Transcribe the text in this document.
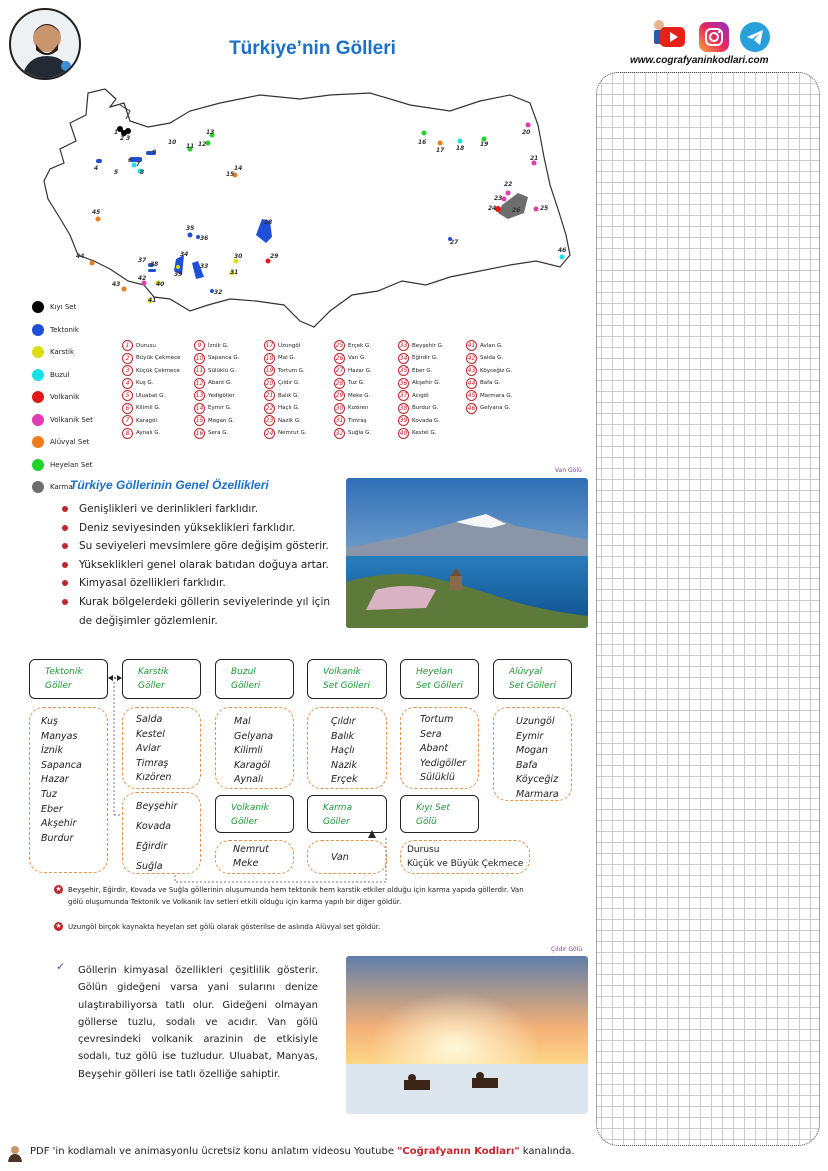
Türkiye’nin Gölleri
www.cografyaninkodlari.com
1
2 3
4
5
6
7
8
9
10
11 12
13
14
15
16
17 18
19
20
21
22
23
24	25
26
27
28
29
30
31
32
33
34
35
36
37
38
39
40
41
42
43
44
45
46
Kıyı Set
Tektonik
Karstik
Buzul
Volkanik
Volkanik Set
Alüvyal Set
Heyelan Set
Karma
1	Durusu
2	Büyük Çekmece
3	Küçük Çekmece
4	Kuş G.
5	Uluabat G.
6	Kilimli G.
7	Karagöl
8	Aynalı G.
9	İznik G.
10 Sapanca G.
11 Sülüklü G.
12 Abant G.
13 Yedigöller
14 Eymir G.
15 Mogan G.
16 Sera G.
17 Uzungöl
18 Mal G.
19 Tortum G.
20 Çıldır G.
21 Balık G.
22 Haçlı G.
23 Nazik G.
24 Nemrut G.
25 Erçek G.
26 Van G.
27 Hazar G.
28 Tuz G.
29 Meke G.
30 Kızören
31 Timraş
32 Suğla G.
33 Beyşehir G.
34 Eğirdir G.
35 Eber G.
36 Akşehir G.
37 Acıgöl
38 Burdur G.
39 Kovada G.
40 Kestel G.
41 Avlan G.
42 Salda G.
43 Köyceğiz G.
44 Bafa G.
45 Marmara G.
46 Gelyana G.
Türkiye Göllerinin Genel Özellikleri
Genişlikleri ve derinlikleri farklıdır.
Deniz seviyesinden yükseklikleri farklıdır.
Su seviyeleri mevsimlere göre değişim gösterir.
Yükseklikleri genel olarak batıdan doğuya artar.
Kimyasal özellikleri farklıdır.
Kurak bölgelerdeki göllerin seviyelerinde yıl için de değişimler gözlemlenir.
Van Gölü
Tektonik
Göller
Karstik
Göller
Buzul
Gölleri
Volkanik
Set Gölleri
Heyelan
Set Gölleri
Alüvyal
Set Gölleri
Kuş
Manyas
İznik
Sapanca
Hazar
Tuz
Eber
Akşehir
Burdur
Salda
Kestel
Avlar
Timraş
Kızören
Beyşehir
Kovada
Eğirdir
Suğla
Mal
Gelyana
Kilimli
Karagöl
Aynalı
Çıldır
Balık
Haçlı
Nazik
Erçek
Tortum
Sera
Abant
Yedigöller
Sülüklü
Uzungöl
Eymir
Mogan
Bafa
Köyceğiz
Marmara
Volkanik
Göller
Nemrut
Meke
Karma
Göller
Van
Kıyı Set
Gölü
Durusu
Küçük ve Büyük Çekmece
★ Beyşehir, Eğirdir, Kovada ve Suğla göllerinin oluşumunda hem tektonik hem karstik etkiler olduğu için karma yapıda göllerdir. Van gölü oluşumunda Tektonik ve Volkanik lav setleri etkili olduğu için karma yapılı bir diğer göldür.
★ Uzungöl birçok kaynakta heyelan set gölü olarak gösterilse de aslında Alüvyal set göldür.
✓ Göllerin kimyasal özellikleri çeşitlilik gösterir. Gölün gideğeni varsa yani sularını denize ulaştırabiliyorsa tatlı olur. Gideğeni olmayan göllerse tuzlu, sodalı ve acıdır. Van gölü çevresindeki volkanik arazinin de etkisiyle sodalı, tuz gölü ise tuzludur. Uluabat, Manyas, Beyşehir gölleri ise tatlı özelliğe sahiptir.
Çıldır Gölü
PDF 'in kodlamalı ve animasyonlu ücretsiz konu anlatım videosu Youtube "Coğrafyanın Kodları" kanalında.
